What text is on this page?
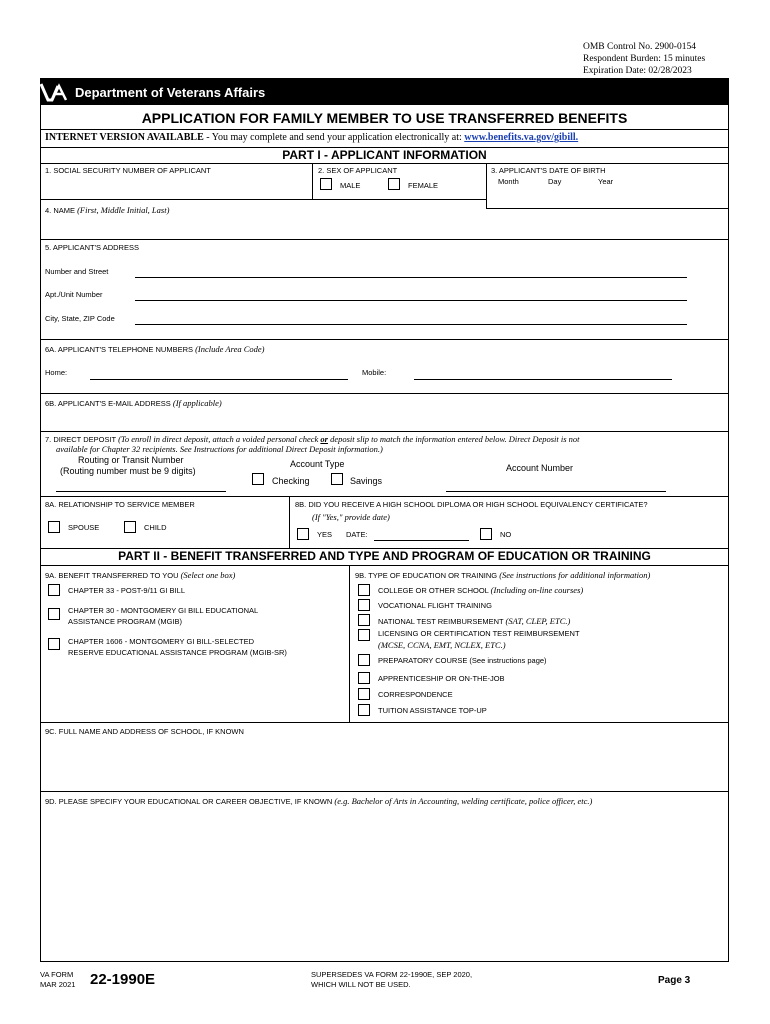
OMB Control No. 2900-0154
Respondent Burden: 15 minutes
Expiration Date: 02/28/2023
Department of Veterans Affairs
APPLICATION FOR FAMILY MEMBER TO USE TRANSFERRED BENEFITS
INTERNET VERSION AVAILABLE - You may complete and send your application electronically at: www.benefits.va.gov/gibill.
PART I - APPLICANT INFORMATION
1. SOCIAL SECURITY NUMBER OF APPLICANT	2. SEX OF APPLICANT
MALE	FEMALE
3. APPLICANT'S DATE OF BIRTH
Month	Day	Year
4. NAME (First, Middle Initial, Last)
5. APPLICANT'S ADDRESS
Number and Street
Apt./Unit Number
City, State, ZIP Code
6A. APPLICANT'S TELEPHONE NUMBERS (Include Area Code)
Home:	Mobile:
6B. APPLICANT'S E-MAIL ADDRESS (If applicable)
7. DIRECT DEPOSIT (To enroll in direct deposit, attach a voided personal check or deposit slip to match the information entered below. Direct Deposit is not
available for Chapter 32 recipients. See Instructions for additional Direct Deposit information.)
Routing or Transit Number
(Routing number must be 9 digits)
Account Type
Checking	Savings
Account Number
8A. RELATIONSHIP TO SERVICE MEMBER
SPOUSE	CHILD
8B. DID YOU RECEIVE A HIGH SCHOOL DIPLOMA OR HIGH SCHOOL EQUIVALENCY CERTIFICATE?
(If "Yes," provide date)
YES DATE:	NO
PART II - BENEFIT TRANSFERRED AND TYPE AND PROGRAM OF EDUCATION OR TRAINING
9A. BENEFIT TRANSFERRED TO YOU (Select one box)
CHAPTER 33 - POST-9/11 GI BILL
CHAPTER 30 - MONTGOMERY GI BILL EDUCATIONAL
ASSISTANCE PROGRAM (MGIB)
CHAPTER 1606 - MONTGOMERY GI BILL-SELECTED
RESERVE EDUCATIONAL ASSISTANCE PROGRAM (MGIB-SR)
9B. TYPE OF EDUCATION OR TRAINING (See instructions for additional information)
COLLEGE OR OTHER SCHOOL (Including on-line courses)
VOCATIONAL FLIGHT TRAINING
NATIONAL TEST REIMBURSEMENT (SAT, CLEP, ETC.)
LICENSING OR CERTIFICATION TEST REIMBURSEMENT
(MCSE, CCNA, EMT, NCLEX, ETC.)
PREPARATORY COURSE (See instructions page)
APPRENTICESHIP OR ON-THE-JOB
CORRESPONDENCE
TUITION ASSISTANCE TOP-UP
9C. FULL NAME AND ADDRESS OF SCHOOL, IF KNOWN
9D. PLEASE SPECIFY YOUR EDUCATIONAL OR CAREER OBJECTIVE, IF KNOWN (e.g. Bachelor of Arts in Accounting, welding certificate, police officer, etc.)
VA FORM
MAR 2021 22-1990E	SUPERSEDES VA FORM 22-1990E, SEP 2020,
WHICH WILL NOT BE USED.	Page 3
